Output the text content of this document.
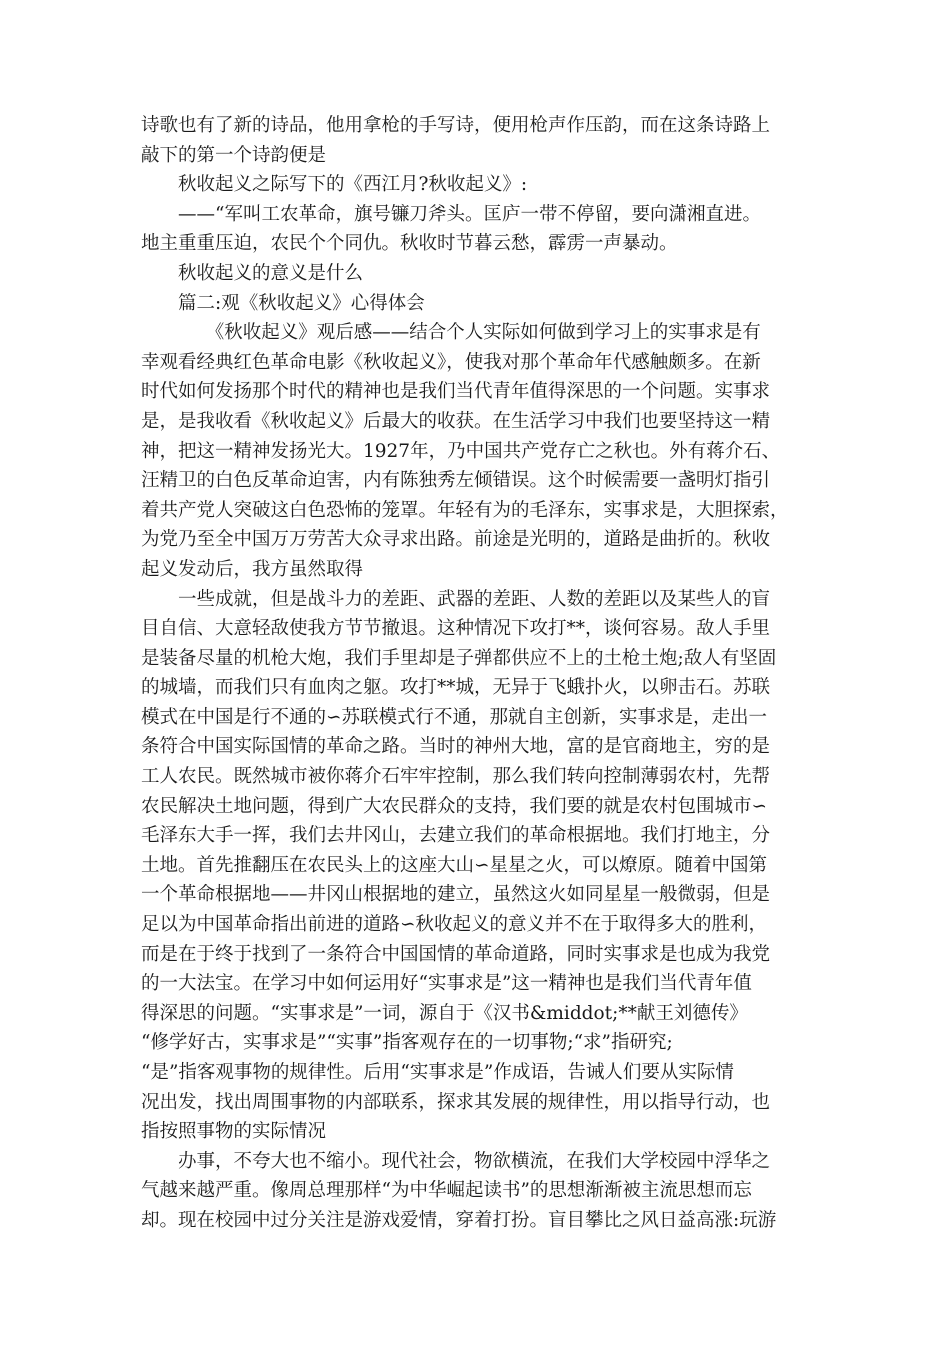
诗歌也有了新的诗品，他用拿枪的手写诗，便用枪声作压韵，而在这条诗路上
敲下的第一个诗韵便是
　　秋收起义之际写下的《西江月?秋收起义》:
　　——“军叫工农革命，旗号镰刀斧头。匡庐一带不停留，要向潇湘直进。
地主重重压迫，农民个个同仇。秋收时节暮云愁，霹雳一声暴动。
　　秋收起义的意义是什么
　　篇二:观《秋收起义》心得体会
　　　　《秋收起义》观后感——结合个人实际如何做到学习上的实事求是有
幸观看经典红色革命电影《秋收起义》，使我对那个革命年代感触颇多。在新
时代如何发扬那个时代的精神也是我们当代青年值得深思的一个问题。实事求
是，是我收看《秋收起义》后最大的收获。在生活学习中我们也要坚持这一精
神，把这一精神发扬光大。1927年，乃中国共产党存亡之秋也。外有蒋介石、
汪精卫的白色反革命迫害，内有陈独秀左倾错误。这个时候需要一盏明灯指引
着共产党人突破这白色恐怖的笼罩。年轻有为的毛泽东，实事求是，大胆探索，
为党乃至全中国万万劳苦大众寻求出路。前途是光明的，道路是曲折的。秋收
起义发动后，我方虽然取得
　　一些成就，但是战斗力的差距、武器的差距、人数的差距以及某些人的盲
目自信、大意轻敌使我方节节撤退。这种情况下攻打**，谈何容易。敌人手里
是装备尽量的机枪大炮，我们手里却是子弹都供应不上的土枪土炮;敌人有坚固
的城墙，而我们只有血肉之躯。攻打**城，无异于飞蛾扑火，以卵击石。苏联
模式在中国是行不通的∽苏联模式行不通，那就自主创新，实事求是，走出一
条符合中国实际国情的革命之路。当时的神州大地，富的是官商地主，穷的是
工人农民。既然城市被你蒋介石牢牢控制，那么我们转向控制薄弱农村，先帮
农民解决土地问题，得到广大农民群众的支持，我们要的就是农村包围城市∽
毛泽东大手一挥，我们去井冈山，去建立我们的革命根据地。我们打地主，分
土地。首先推翻压在农民头上的这座大山∽星星之火，可以燎原。随着中国第
一个革命根据地——井冈山根据地的建立，虽然这火如同星星一般微弱，但是
足以为中国革命指出前进的道路∽秋收起义的意义并不在于取得多大的胜利，
而是在于终于找到了一条符合中国国情的革命道路，同时实事求是也成为我党
的一大法宝。在学习中如何运用好“实事求是”这一精神也是我们当代青年值
得深思的问题。“实事求是”一词，源自于《汉书&middot;**献王刘德传》
“修学好古，实事求是”“实事”指客观存在的一切事物;“求”指研究;
“是”指客观事物的规律性。后用“实事求是”作成语，告诫人们要从实际情
况出发，找出周围事物的内部联系，探求其发展的规律性，用以指导行动，也
指按照事物的实际情况
　　办事，不夸大也不缩小。现代社会，物欲横流，在我们大学校园中浮华之
气越来越严重。像周总理那样“为中华崛起读书”的思想渐渐被主流思想而忘
却。现在校园中过分关注是游戏爱情，穿着打扮。盲目攀比之风日益高涨:玩游
